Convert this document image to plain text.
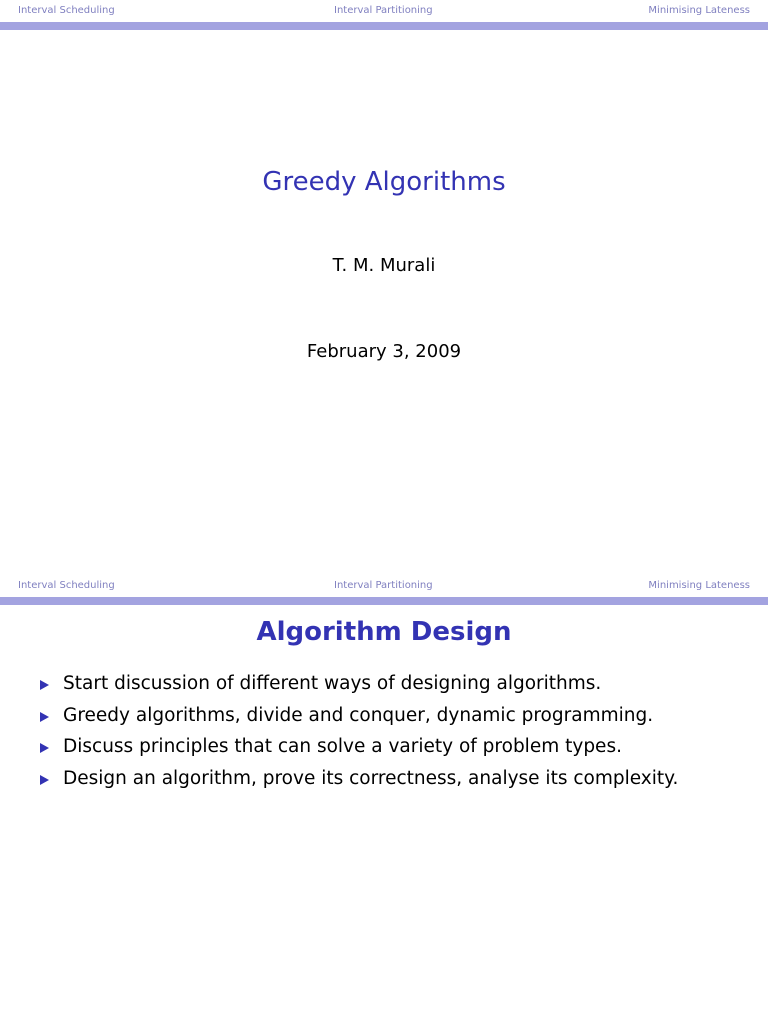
Interval Scheduling	Interval Partitioning	Minimising Lateness
Greedy Algorithms
T. M. Murali
February 3, 2009
Interval Scheduling	Interval Partitioning	Minimising Lateness
Algorithm Design
Start discussion of different ways of designing algorithms.
Greedy algorithms, divide and conquer, dynamic programming.
Discuss principles that can solve a variety of problem types.
Design an algorithm, prove its correctness, analyse its complexity.
